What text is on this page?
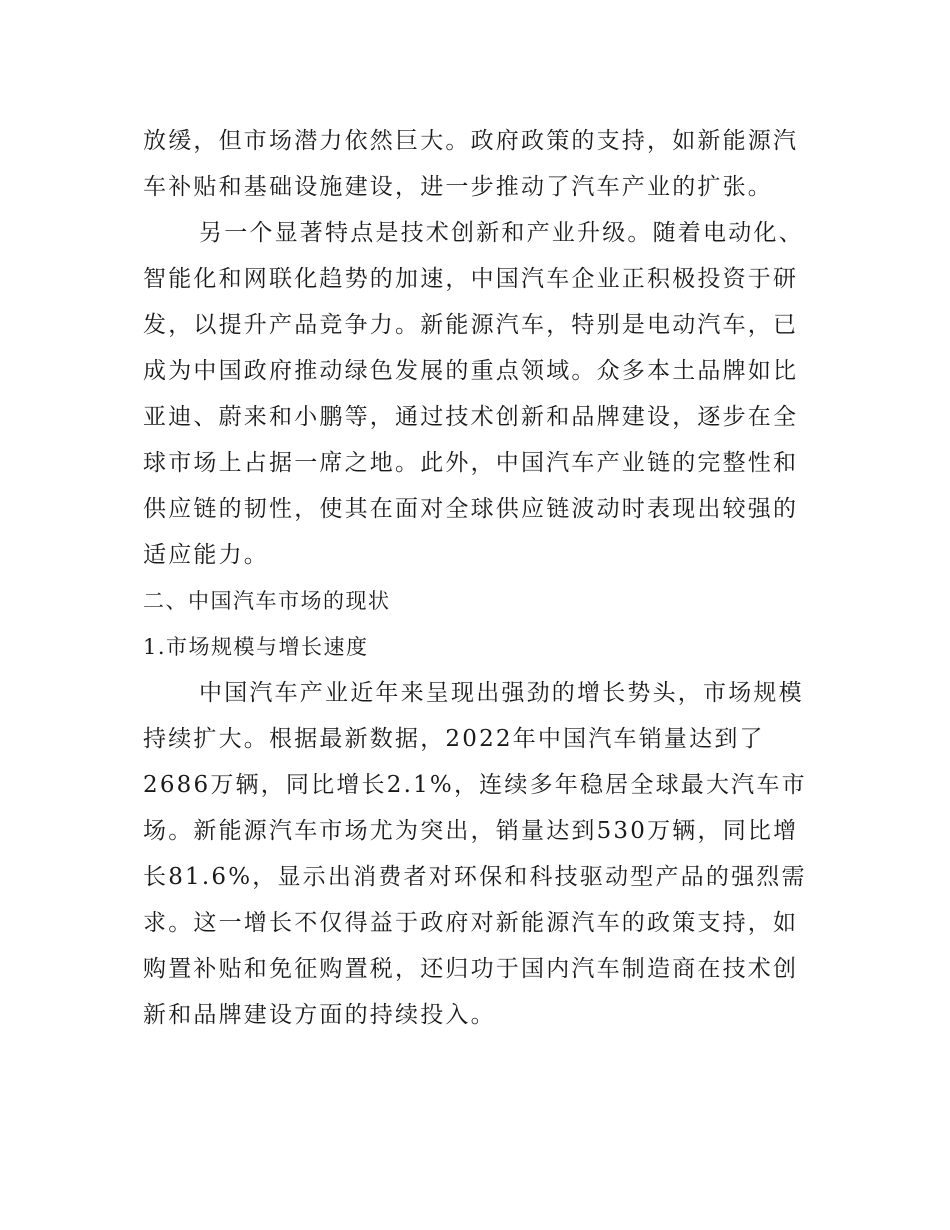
放缓，但市场潜力依然巨大。政府政策的支持，如新能源汽车补贴和基础设施建设，进一步推动了汽车产业的扩张。

另一个显著特点是技术创新和产业升级。随着电动化、智能化和网联化趋势的加速，中国汽车企业正积极投资于研发，以提升产品竞争力。新能源汽车，特别是电动汽车，已成为中国政府推动绿色发展的重点领域。众多本土品牌如比亚迪、蔚来和小鹏等，通过技术创新和品牌建设，逐步在全球市场上占据一席之地。此外，中国汽车产业链的完整性和供应链的韧性，使其在面对全球供应链波动时表现出较强的适应能力。

二、中国汽车市场的现状

1.市场规模与增长速度

中国汽车产业近年来呈现出强劲的增长势头，市场规模持续扩大。根据最新数据，2022年中国汽车销量达到了2686万辆，同比增长2.1%，连续多年稳居全球最大汽车市场。新能源汽车市场尤为突出，销量达到530万辆，同比增长81.6%，显示出消费者对环保和科技驱动型产品的强烈需求。这一增长不仅得益于政府对新能源汽车的政策支持，如购置补贴和免征购置税，还归功于国内汽车制造商在技术创新和品牌建设方面的持续投入。
